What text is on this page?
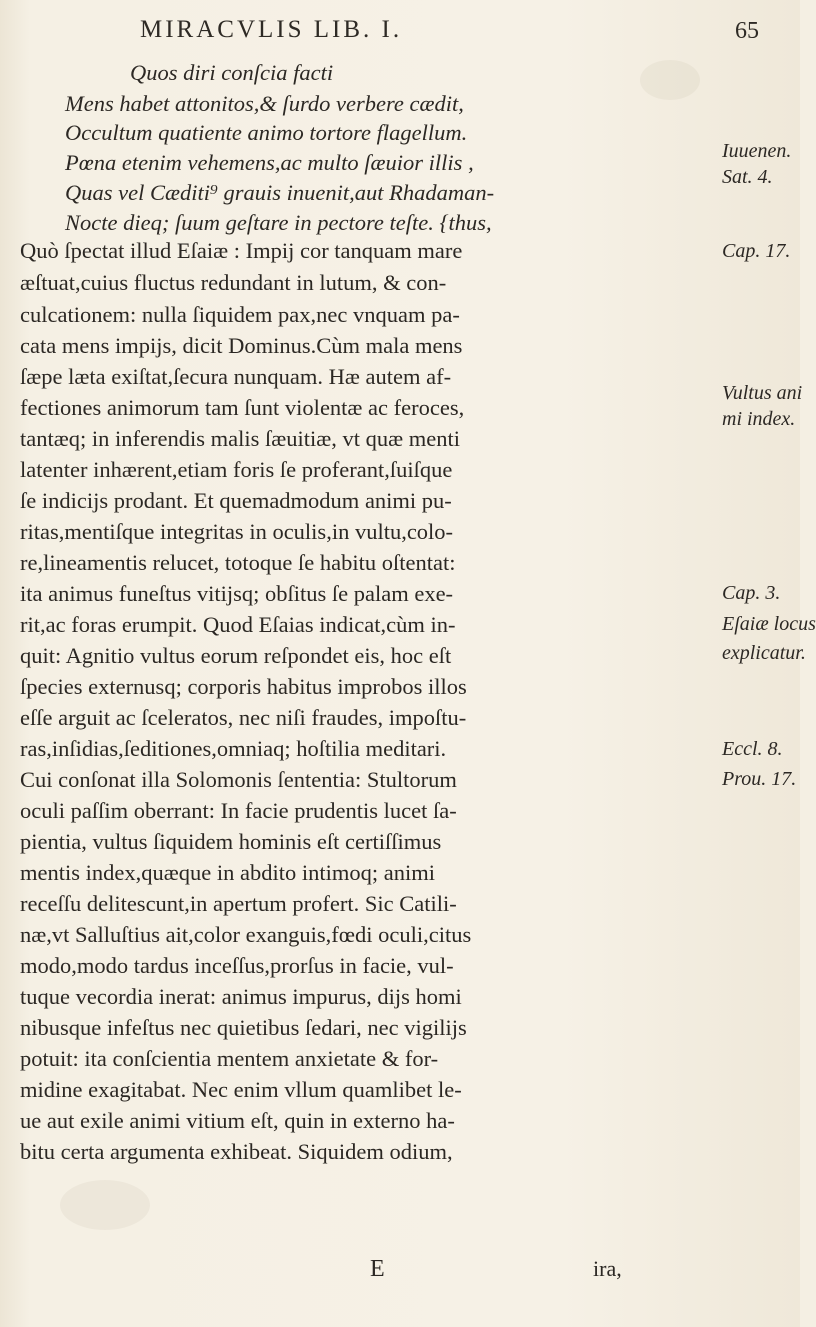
MIRACVLIS LIB. I.	65
Quos diri conſcia facti
Mens habet attonitos,& ſurdo verbere cædit,
Occultum quatiente animo tortore flagellum.
Pœna etenim vehemens,ac multo ſæuior illis ,
Quas vel Cæditi⁹ grauis inuenit,aut Rhadaman-
Nocte dieq; ſuum geſtare in pectore teſte. {thus,
Quò ſpectat illud Eſaiæ : Impij cor tanquam mare
æſtuat,cuius fluctus redundant in lutum, & con-
culcationem: nulla ſiquidem pax,nec vnquam pa-
cata mens impijs, dicit Dominus.Cùm mala mens
ſæpe læta exiſtat,ſecura nunquam. Hæ autem af-
fectiones animorum tam ſunt violentæ ac feroces,
tantæq; in inferendis malis ſæuitiæ, vt quæ menti
latenter inhærent,etiam foris ſe proferant,ſuiſque
ſe indicijs prodant. Et quemadmodum animi pu-
ritas,mentiſque integritas in oculis,in vultu,colo-
re,lineamentis relucet, totoque ſe habitu oſtentat:
ita animus funeſtus vitijsq; obſitus ſe palam exe-
rit,ac foras erumpit. Quod Eſaias indicat,cùm in-
quit: Agnitio vultus eorum reſpondet eis, hoc eſt
ſpecies externusq; corporis habitus improbos illos
eſſe arguit ac ſceleratos, nec niſi fraudes, impoſtu-
ras,inſidias,ſeditiones,omniaq; hoſtilia meditari.
Cui conſonat illa Solomonis ſententia: Stultorum
oculi paſſim oberrant: In facie prudentis lucet ſa-
pientia, vultus ſiquidem hominis eſt certiſſimus
mentis index,quæque in abdito intimoq; animi
receſſu delitescunt,in apertum profert. Sic Catili-
næ,vt Salluſtius ait,color exanguis,fœdi oculi,citus
modo,modo tardus inceſſus,prorſus in facie, vul-
tuque vecordia inerat: animus impurus, dijs homi
nibusque infeſtus nec quietibus ſedari, nec vigilijs
potuit: ita conſcientia mentem anxietate & for-
midine exagitabat. Nec enim vllum quamlibet le-
ue aut exile animi vitium eſt, quin in externo ha-
bitu certa argumenta exhibeat. Siquidem odium,
Iuuenen.
Sat. 4.
Cap. 17.
Vultus ani
mi index.
Cap. 3.
Eſaiæ locus
explicatur.
Eccl. 8.
Prou. 17.
E	ira,
